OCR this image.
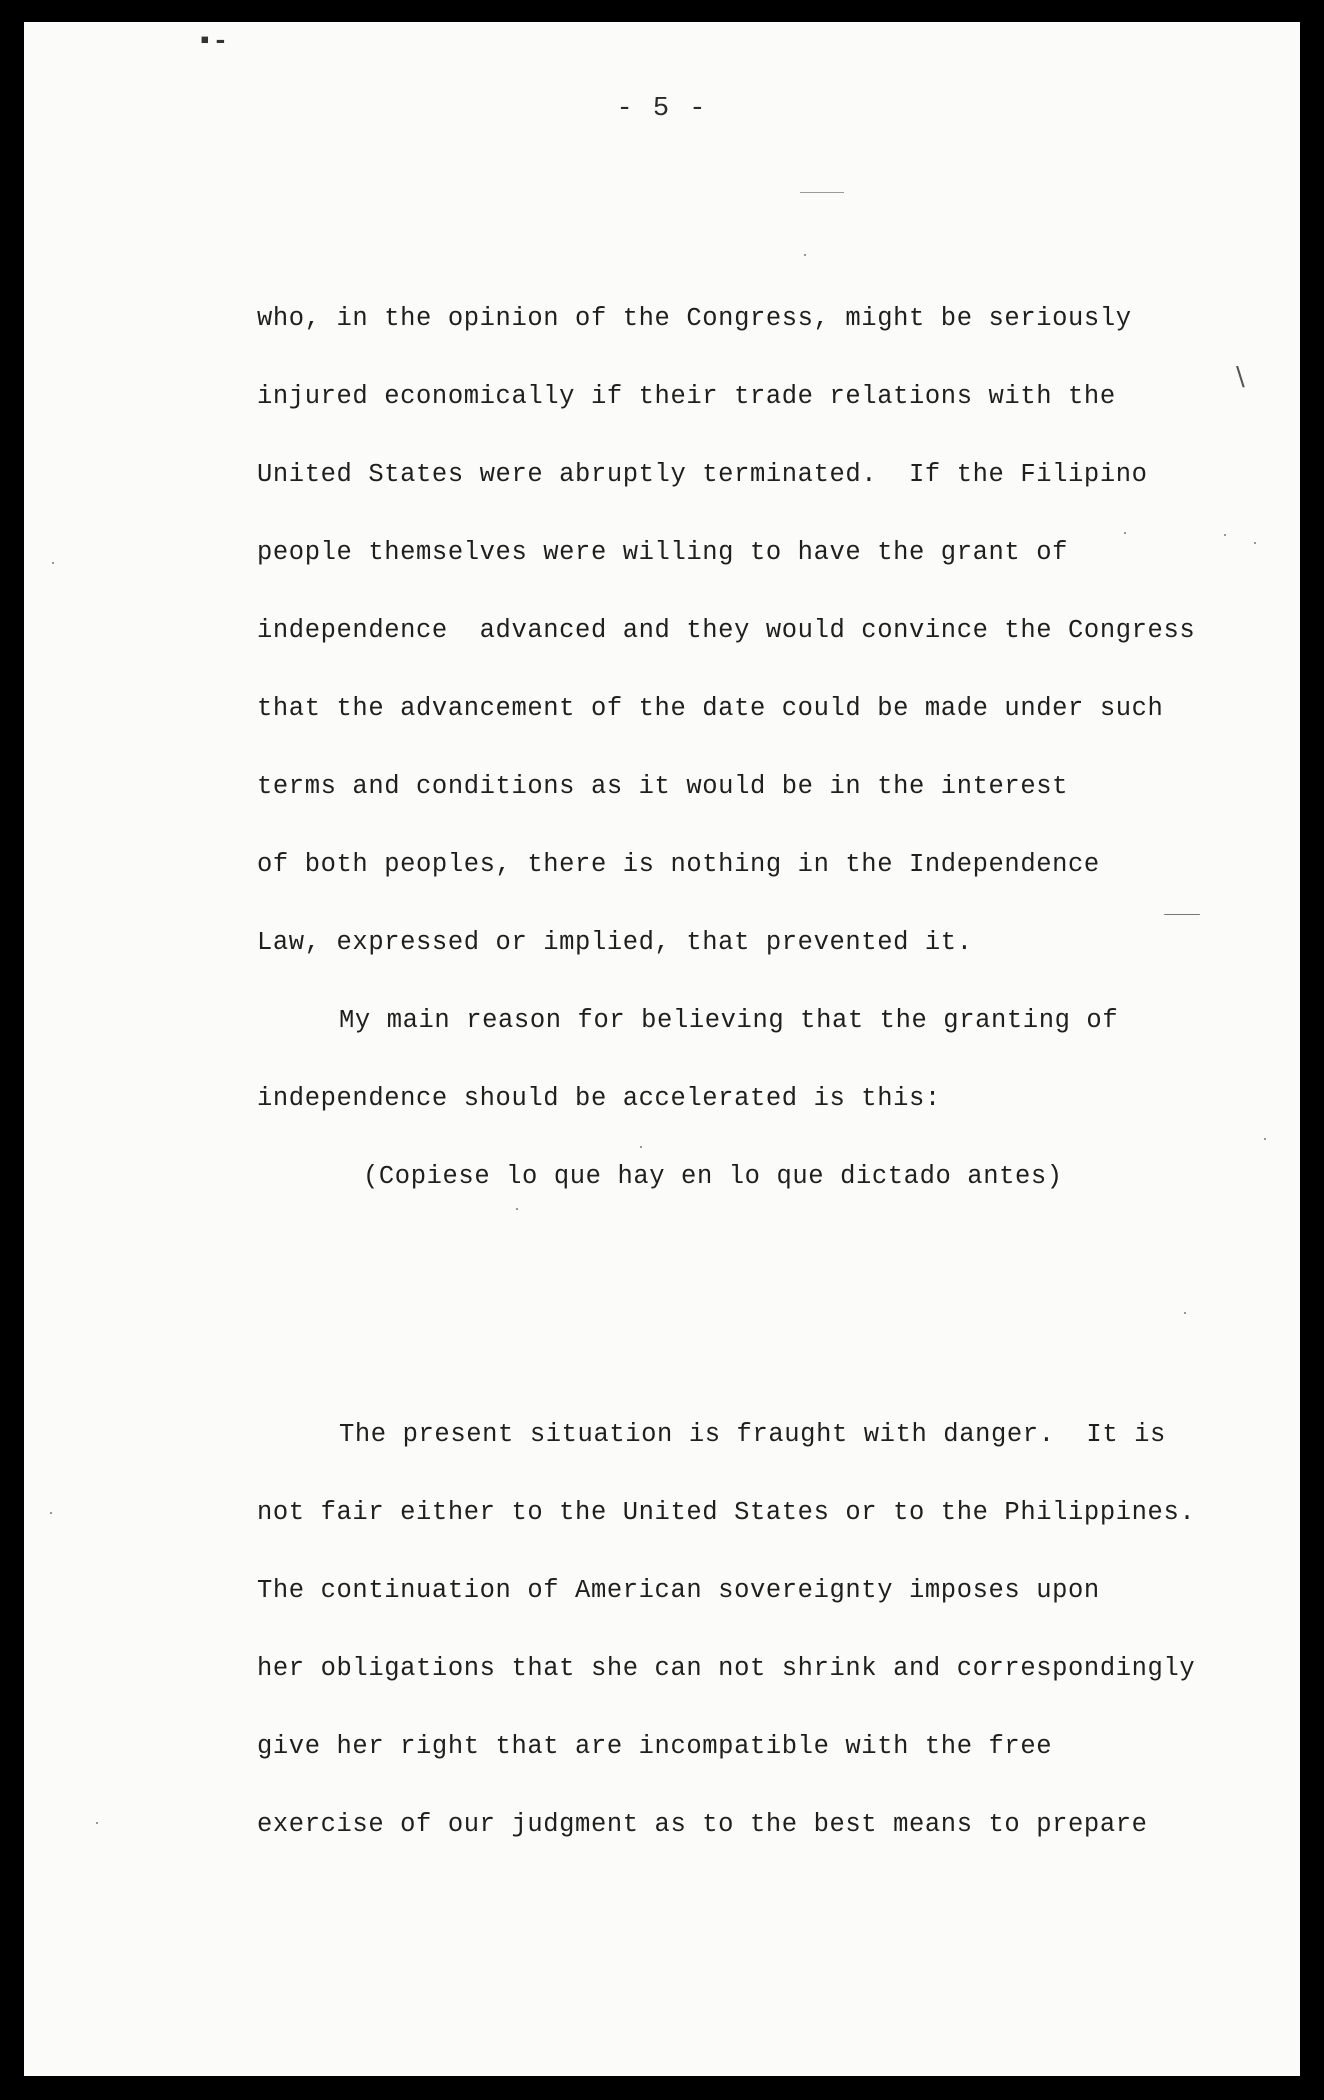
▪-
- 5 -
who, in the opinion of the Congress, might be seriously
injured economically if their trade relations with the
United States were abruptly terminated.  If the Filipino
people themselves were willing to have the grant of
independence  advanced and they would convince the Congress
that the advancement of the date could be made under such
terms and conditions as it would be in the interest
of both peoples, there is nothing in the Independence
Law, expressed or implied, that prevented it.
My main reason for believing that the granting of
independence should be accelerated is this:
(Copiese lo que hay en lo que dictado antes)
The present situation is fraught with danger.  It is
not fair either to the United States or to the Philippines.
The continuation of American sovereignty imposes upon
her obligations that she can not shrink and correspondingly
give her right that are incompatible with the free
exercise of our judgment as to the best means to prepare
\
